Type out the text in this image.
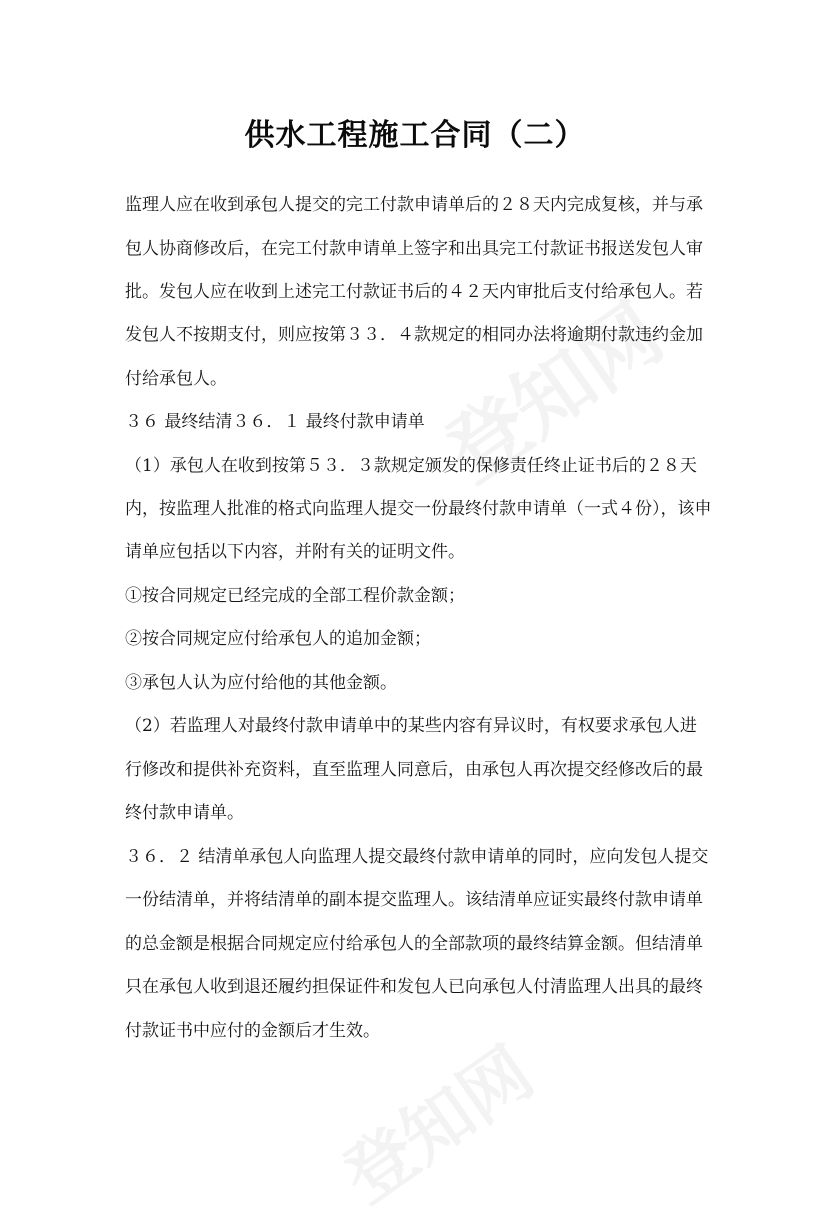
供水工程施工合同（二）
监理人应在收到承包人提交的完工付款申请单后的２８天内完成复核，并与承
包人协商修改后，在完工付款申请单上签字和出具完工付款证书报送发包人审
批。发包人应在收到上述完工付款证书后的４２天内审批后支付给承包人。若
发包人不按期支付，则应按第３３．４款规定的相同办法将逾期付款违约金加
付给承包人。
３６ 最终结清３６．１ 最终付款申请单
（1）承包人在收到按第５３．３款规定颁发的保修责任终止证书后的２８天
内，按监理人批准的格式向监理人提交一份最终付款申请单（一式４份），该申
请单应包括以下内容，并附有关的证明文件。
①按合同规定已经完成的全部工程价款金额；
②按合同规定应付给承包人的追加金额；
③承包人认为应付给他的其他金额。
（2）若监理人对最终付款申请单中的某些内容有异议时，有权要求承包人进
行修改和提供补充资料，直至监理人同意后，由承包人再次提交经修改后的最
终付款申请单。
３６．２ 结清单承包人向监理人提交最终付款申请单的同时，应向发包人提交
一份结清单，并将结清单的副本提交监理人。该结清单应证实最终付款申请单
的总金额是根据合同规定应付给承包人的全部款项的最终结算金额。但结清单
只在承包人收到退还履约担保证件和发包人已向承包人付清监理人出具的最终
付款证书中应付的金额后才生效。
